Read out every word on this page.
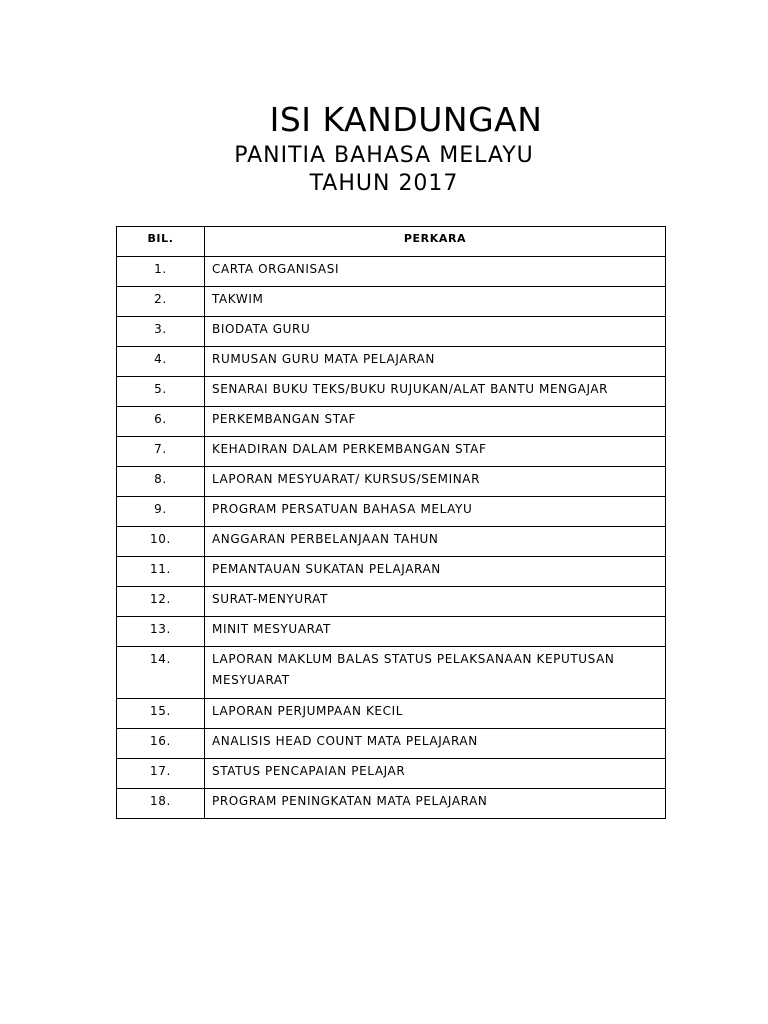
ISI KANDUNGAN
PANITIA BAHASA MELAYU
TAHUN 2017
BIL.	PERKARA

1.	CARTA ORGANISASI

2.	TAKWIM

3.	BIODATA GURU

4.	RUMUSAN GURU MATA PELAJARAN

5.	SENARAI BUKU TEKS/BUKU RUJUKAN/ALAT BANTU MENGAJAR

6.	PERKEMBANGAN STAF

7.	KEHADIRAN DALAM PERKEMBANGAN STAF

8.	LAPORAN MESYUARAT/ KURSUS/SEMINAR

9.	PROGRAM PERSATUAN BAHASA MELAYU

10.	ANGGARAN PERBELANJAAN TAHUN

11.	PEMANTAUAN SUKATAN PELAJARAN

12.	SURAT-MENYURAT

13.	MINIT MESYUARAT

14.	LAPORAN MAKLUM BALAS STATUS PELAKSANAAN KEPUTUSAN MESYUARAT

15.	LAPORAN PERJUMPAAN KECIL

16.	ANALISIS HEAD COUNT MATA PELAJARAN

17.	STATUS PENCAPAIAN PELAJAR

18.	PROGRAM PENINGKATAN MATA PELAJARAN
